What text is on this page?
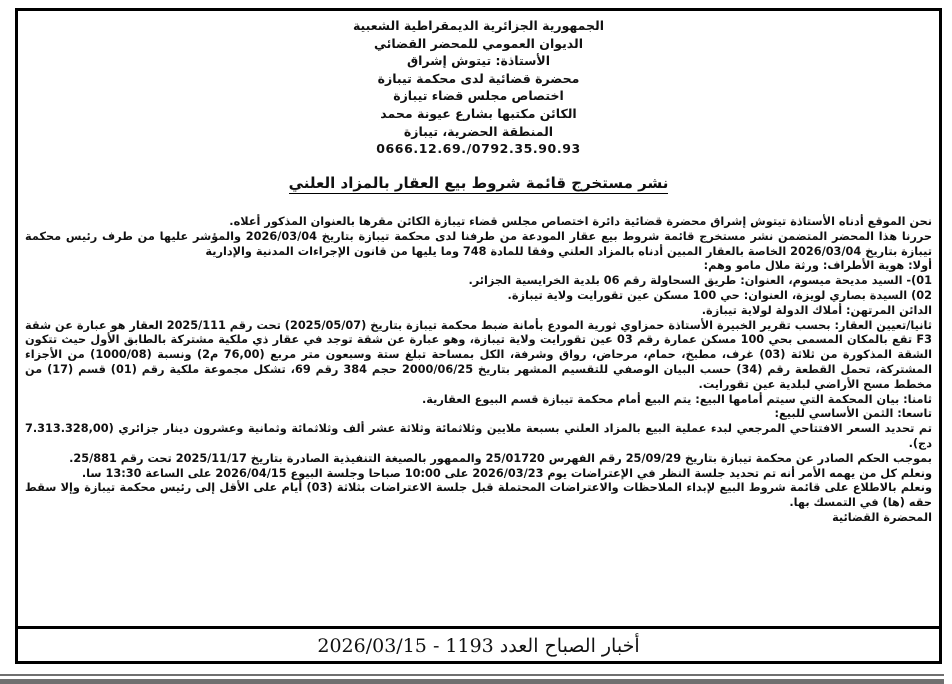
الجمهورية الجزائرية الديمقراطية الشعبية
الديوان العمومي للمحضر القضائي
الأستاذة: تيتوش إشراق
محضرة قضائية لدى محكمة تيبازة
اختصاص مجلس قضاء تيبازة
الكائن مكتبها بشارع عيونة محمد
المنطقة الحضرية، تيبازة
0666.12.69./0792.35.90.93
نشر مستخرج قائمة شروط بيع العقار بالمزاد العلني

نحن الموقع أدناه الأستاذة تيتوش إشراق محضرة قضائية دائرة اختصاص مجلس قضاء تيبازة الكائن مقرها بالعنوان المذكور أعلاه.

حررنا هذا المحضر المتضمن نشر مستخرج قائمة شروط بيع عقار المودعة من طرفنا لدى محكمة تيبازة بتاريخ 2026/03/04 والمؤشر عليها من طرف رئيس محكمة تيبازة بتاريخ 2026/03/04 الخاصة بالعقار المبين أدناه بالمزاد العلني وفقا للمادة 748 وما يليها من قانون الإجراءات المدنية والإدارية

أولا: هوية الأطراف: ورثة ملال مامو وهم:

01)- السيد مديحة ميسوم، العنوان: طريق السحاولة رقم 06 بلدية الخرايسية الجزائر.

02) السيدة بصاري لويزة، العنوان: حي 100 مسكن عين تقورايت ولاية تيبازة.

الدائن المرتهن: أملاك الدولة لولاية تيبازة.

ثانيا/تعيين العقار: بحسب تقرير الخبيرة الأستاذة حمزاوي ثورية المودع بأمانة ضبط محكمة تيبازة بتاريخ (2025/05/07) تحت رقم 2025/111 العقار هو عبارة عن شقة F3 تقع بالمكان المسمى بحي 100 مسكن عمارة رقم 03 عين تقورايت ولاية تيبازة، وهو عبارة عن شقة توجد في عقار ذي ملكية مشتركة بالطابق الأول حيث تتكون الشقة المذكورة من ثلاثة (03) غرف، مطبخ، حمام، مرحاض، رواق وشرفة، الكل بمساحة تبلغ ستة وسبعون متر مربع (76,00 م2) ونسبة (1000/08) من الأجزاء المشتركة، تحمل القطعة رقم (34) حسب البيان الوصفي للتقسيم المشهر بتاريخ 2000/06/25 حجم 384 رقم 69، تشكل مجموعة ملكية رقم (01) قسم (17) من مخطط مسح الأراضي لبلدية عين تقورايت.

ثامنا: بيان المحكمة التي سيتم أمامها البيع: يتم البيع أمام محكمة تيبازة قسم البيوع العقارية.

تاسعا: الثمن الأساسي للبيع:

تم تحديد السعر الافتتاحي المرجعي لبدء عملية البيع بالمزاد العلني بسبعة ملايين وثلاثمائة وثلاثة عشر ألف وثلاثمائة وثمانية وعشرون دينار جزائري (7.313.328,00 دج).

بموجب الحكم الصادر عن محكمة تيبازة بتاريخ 25/09/29 رقم الفهرس 25/01720 والممهور بالصيغة التنفيذية الصادرة بتاريخ 2025/11/17 تحت رقم 25/881.

ونعلم كل من يهمه الأمر أنه تم تحديد جلسة النظر في الإعتراضات يوم 2026/03/23 على 10:00 صباحا وجلسة البيوع 2026/04/15 على الساعة 13:30 سا.

ونعلم بالاطلاع على قائمة شروط البيع لإبداء الملاحظات والاعتراضات المحتملة قبل جلسة الاعتراضات بثلاثة (03) أيام على الأقل إلى رئيس محكمة تيبازة وإلا سقط حقه (ها) في التمسك بها.

المحضرة القضائية

أخبار الصباح العدد 1193 - 2026/03/15
